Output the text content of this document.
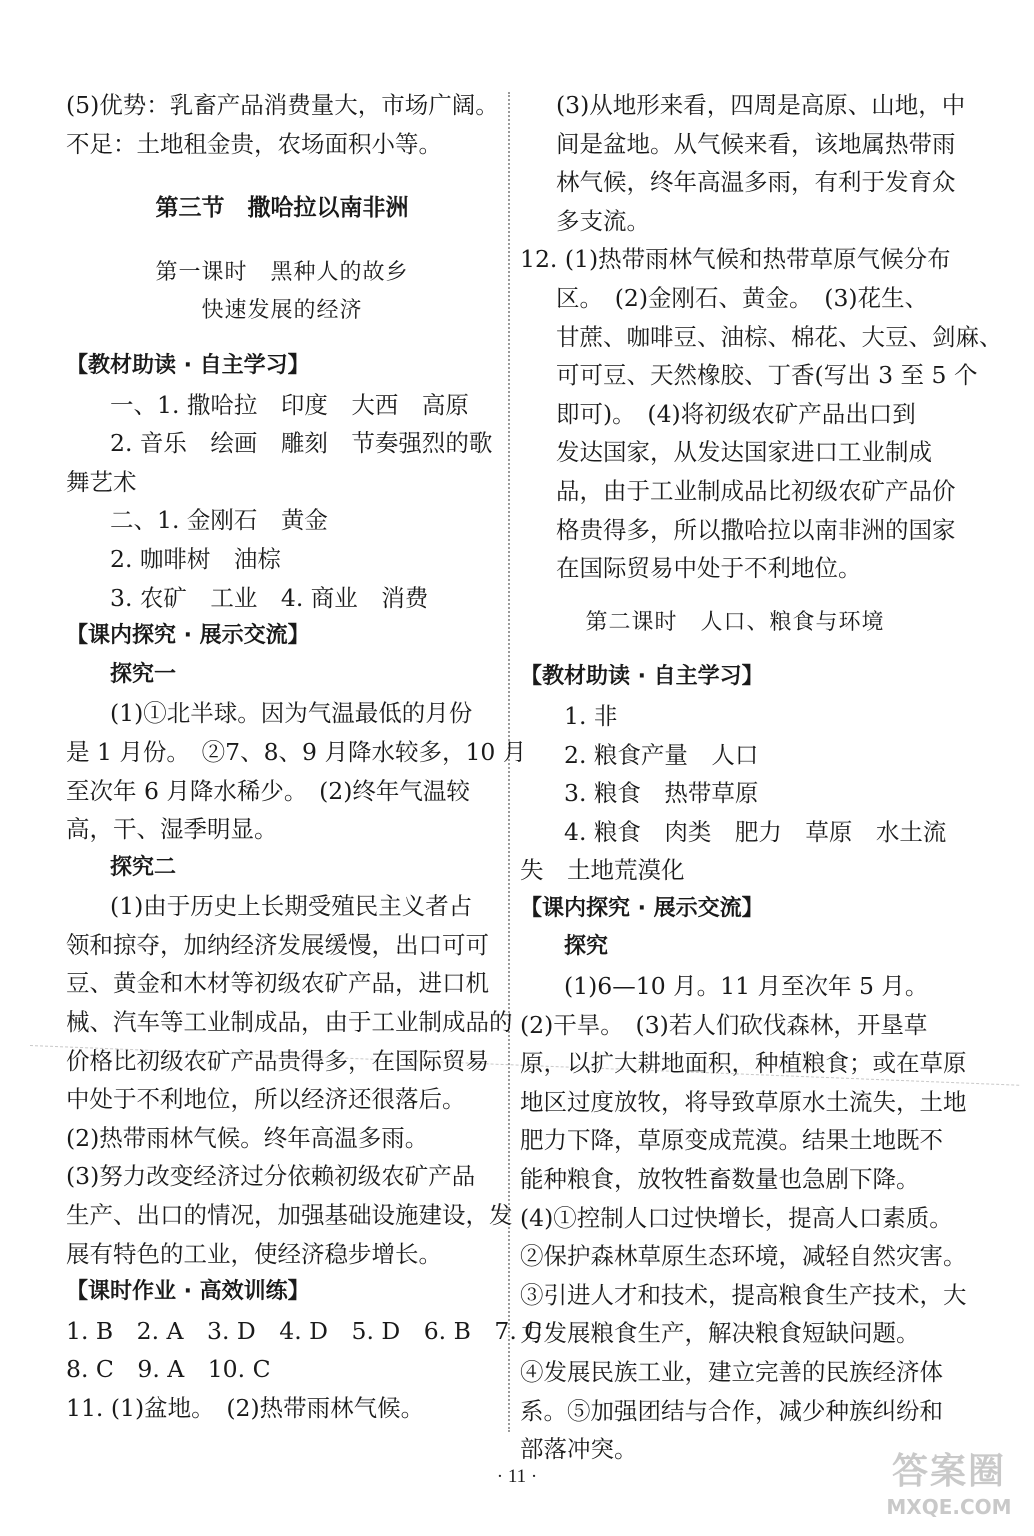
(5)优势：乳畜产品消费量大，市场广阔。
不足：土地租金贵，农场面积小等。
第三节　撒哈拉以南非洲
第一课时　黑种人的故乡
快速发展的经济
【教材助读 · 自主学习】
一、1. 撒哈拉　印度　大西　高原
2. 音乐　绘画　雕刻　节奏强烈的歌
舞艺术
二、1. 金刚石　黄金
2. 咖啡树　油棕
3. 农矿　工业　4. 商业　消费
【课内探究 · 展示交流】
探究一
(1)①北半球。因为气温最低的月份
是 1 月份。　②7、8、9 月降水较多，10 月
至次年 6 月降水稀少。　(2)终年气温较
高，干、湿季明显。
探究二
(1)由于历史上长期受殖民主义者占
领和掠夺，加纳经济发展缓慢，出口可可
豆、黄金和木材等初级农矿产品，进口机
械、汽车等工业制成品，由于工业制成品的
价格比初级农矿产品贵得多，在国际贸易
中处于不利地位，所以经济还很落后。
(2)热带雨林气候。终年高温多雨。
(3)努力改变经济过分依赖初级农矿产品
生产、出口的情况，加强基础设施建设，发
展有特色的工业，使经济稳步增长。
【课时作业 · 高效训练】
1. B　2. A　3. D　4. D　5. D　6. B　7. C
8. C　9. A　10. C
11. (1)盆地。　(2)热带雨林气候。
(3)从地形来看，四周是高原、山地，中
间是盆地。从气候来看，该地属热带雨
林气候，终年高温多雨，有利于发育众
多支流。
12. (1)热带雨林气候和热带草原气候分布
区。　(2)金刚石、黄金。　(3)花生、
甘蔗、咖啡豆、油棕、棉花、大豆、剑麻、
可可豆、天然橡胶、丁香(写出 3 至 5 个
即可)。　(4)将初级农矿产品出口到
发达国家，从发达国家进口工业制成
品，由于工业制成品比初级农矿产品价
格贵得多，所以撒哈拉以南非洲的国家
在国际贸易中处于不利地位。
第二课时　人口、粮食与环境
【教材助读 · 自主学习】
1. 非
2. 粮食产量　人口
3. 粮食　热带草原
4. 粮食　肉类　肥力　草原　水土流
失　土地荒漠化
【课内探究 · 展示交流】
探究
(1)6—10 月。11 月至次年 5 月。
(2)干旱。　(3)若人们砍伐森林，开垦草
原，以扩大耕地面积，种植粮食；或在草原
地区过度放牧，将导致草原水土流失，土地
肥力下降，草原变成荒漠。结果土地既不
能种粮食，放牧牲畜数量也急剧下降。
(4)①控制人口过快增长，提高人口素质。
②保护森林草原生态环境，减轻自然灾害。
③引进人才和技术，提高粮食生产技术，大
力发展粮食生产，解决粮食短缺问题。
④发展民族工业，建立完善的民族经济体
系。⑤加强团结与合作，减少种族纠纷和
部落冲突。
· 11 ·	答案圈
MXQE.COM
